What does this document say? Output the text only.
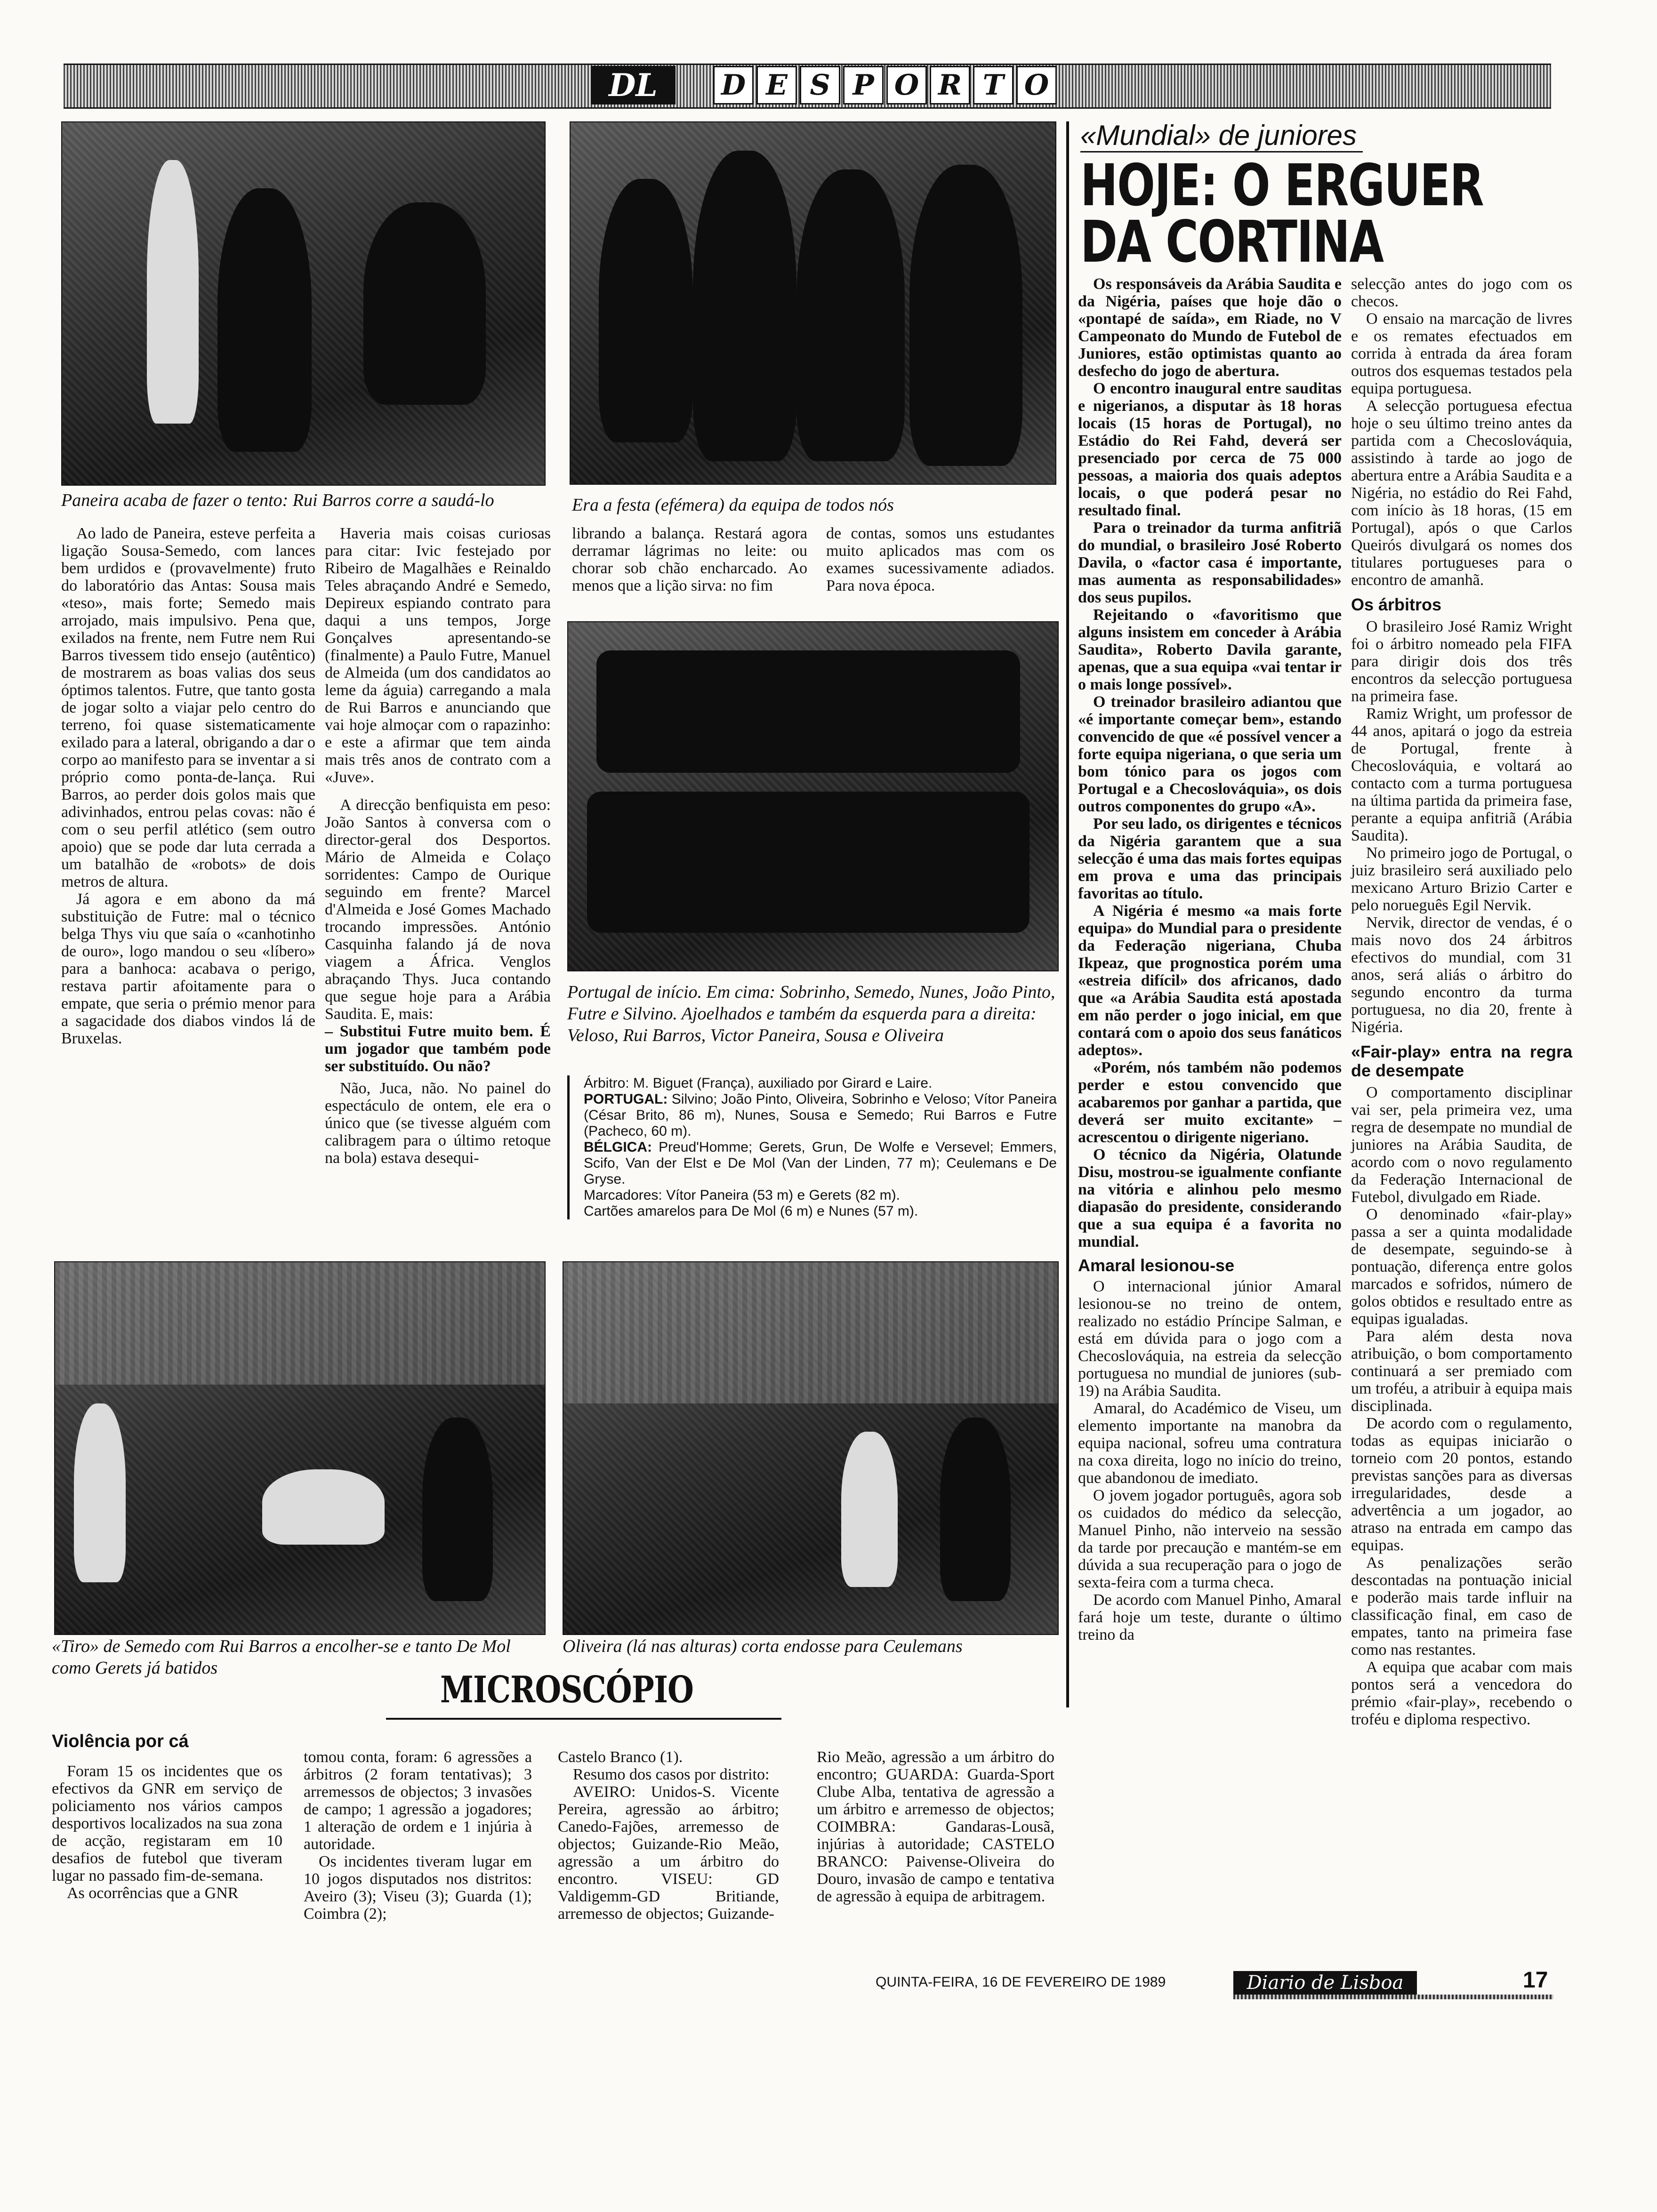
DL	D E S P O R T O
Paneira acaba de fazer o tento: Rui Barros corre a saudá-lo	Era a festa (efémera) da equipa de todos nós

Ao lado de Paneira, esteve perfeita a ligação Sousa-Semedo, com lances bem urdidos e (provavelmente) fruto do laboratório das Antas: Sousa mais «teso», mais forte; Semedo mais arrojado, mais impulsivo. Pena que, exilados na frente, nem Futre nem Rui Barros tivessem tido ensejo (autêntico) de mostrarem as boas valias dos seus óptimos talentos. Futre, que tanto gosta de jogar solto a viajar pelo centro do terreno, foi quase sistematicamente exilado para a lateral, obrigando a dar o corpo ao manifesto para se inventar a si próprio como ponta-de-lança. Rui Barros, ao perder dois golos mais que adivinhados, entrou pelas covas: não é com o seu perfil atlético (sem outro apoio) que se pode dar luta cerrada a um batalhão de «robots» de dois metros de altura.

Já agora e em abono da má substituição de Futre: mal o técnico belga Thys viu que saía o «canhotinho de ouro», logo mandou o seu «líbero» para a banhoca: acabava o perigo, restava partir afoitamente para o empate, que seria o prémio menor para a sagacidade dos diabos vindos lá de Bruxelas.

Haveria mais coisas curiosas para citar: Ivic festejado por Ribeiro de Magalhães e Reinaldo Teles abraçando André e Semedo, Depireux espiando contrato para daqui a uns tempos, Jorge Gonçalves apresentando-se (finalmente) a Paulo Futre, Manuel de Almeida (um dos candidatos ao leme da águia) carregando a mala de Rui Barros e anunciando que vai hoje almoçar com o rapazinho: e este a afirmar que tem ainda mais três anos de contrato com a «Juve».

A direcção benfiquista em peso: João Santos à conversa com o director-geral dos Desportos. Mário de Almeida e Colaço sorridentes: Campo de Ourique seguindo em frente? Marcel d'Almeida e José Gomes Machado trocando impressões. António Casquinha falando já de nova viagem a África. Venglos abraçando Thys. Juca contando que segue hoje para a Arábia Saudita. E, mais:

– Substitui Futre muito bem. É um jogador que também pode ser substituído. Ou não?

Não, Juca, não. No painel do espectáculo de ontem, ele era o único que (se tivesse alguém com calibragem para o último retoque na bola) estava desequi-

librando a balança. Restará agora derramar lágrimas no leite: ou chorar sob chão encharcado. Ao menos que a lição sirva: no fim

de contas, somos uns estudantes muito aplicados mas com os exames sucessivamente adiados. Para nova época.

Portugal de início. Em cima: Sobrinho, Semedo, Nunes, João Pinto, Futre e Silvino. Ajoelhados e também da esquerda para a direita: Veloso, Rui Barros, Victor Paneira, Sousa e Oliveira

Árbitro: M. Biguet (França), auxiliado por Girard e Laire.

PORTUGAL: Silvino; João Pinto, Oliveira, Sobrinho e Veloso; Vítor Paneira (César Brito, 86 m), Nunes, Sousa e Semedo; Rui Barros e Futre (Pacheco, 60 m).

BÉLGICA: Preud'Homme; Gerets, Grun, De Wolfe e Versevel; Emmers, Scifo, Van der Elst e De Mol (Van der Linden, 77 m); Ceulemans e De Gryse.

Marcadores: Vítor Paneira (53 m) e Gerets (82 m).

Cartões amarelos para De Mol (6 m) e Nunes (57 m).

«Tiro» de Semedo com Rui Barros a encolher-se e tanto De Mol como Gerets já batidos
Oliveira (lá nas alturas) corta endosse para Ceulemans
«Mundial» de juniores
HOJE: O ERGUER
DA CORTINA

Os responsáveis da Arábia Saudita e da Nigéria, países que hoje dão o «pontapé de saída», em Riade, no V Campeonato do Mundo de Futebol de Juniores, estão optimistas quanto ao desfecho do jogo de abertura.

O encontro inaugural entre sauditas e nigerianos, a disputar às 18 horas locais (15 horas de Portugal), no Estádio do Rei Fahd, deverá ser presenciado por cerca de 75 000 pessoas, a maioria dos quais adeptos locais, o que poderá pesar no resultado final.

Para o treinador da turma anfitriã do mundial, o brasileiro José Roberto Davila, o «factor casa é importante, mas aumenta as responsabilidades» dos seus pupilos.

Rejeitando o «favoritismo que alguns insistem em conceder à Arábia Saudita», Roberto Davila garante, apenas, que a sua equipa «vai tentar ir o mais longe possível».

O treinador brasileiro adiantou que «é importante começar bem», estando convencido de que «é possível vencer a forte equipa nigeriana, o que seria um bom tónico para os jogos com Portugal e a Checoslováquia», os dois outros componentes do grupo «A».

Por seu lado, os dirigentes e técnicos da Nigéria garantem que a sua selecção é uma das mais fortes equipas em prova e uma das principais favoritas ao título.

A Nigéria é mesmo «a mais forte equipa» do Mundial para o presidente da Federação nigeriana, Chuba Ikpeaz, que prognostica porém uma «estreia difícil» dos africanos, dado que «a Arábia Saudita está apostada em não perder o jogo inicial, em que contará com o apoio dos seus fanáticos adeptos».

«Porém, nós também não podemos perder e estou convencido que acabaremos por ganhar a partida, que deverá ser muito excitante» – acrescentou o dirigente nigeriano.

O técnico da Nigéria, Olatunde Disu, mostrou-se igualmente confiante na vitória e alinhou pelo mesmo diapasão do presidente, considerando que a sua equipa é a favorita no mundial.

Amaral lesionou-se

O internacional júnior Amaral lesionou-se no treino de ontem, realizado no estádio Príncipe Salman, e está em dúvida para o jogo com a Checoslováquia, na estreia da selecção portuguesa no mundial de juniores (sub-19) na Arábia Saudita.

Amaral, do Académico de Viseu, um elemento importante na manobra da equipa nacional, sofreu uma contratura na coxa direita, logo no início do treino, que abandonou de imediato.

O jovem jogador português, agora sob os cuidados do médico da selecção, Manuel Pinho, não interveio na sessão da tarde por precaução e mantém-se em dúvida a sua recuperação para o jogo de sexta-feira com a turma checa.

De acordo com Manuel Pinho, Amaral fará hoje um teste, durante o último treino da

selecção antes do jogo com os checos.

O ensaio na marcação de livres e os remates efectuados em corrida à entrada da área foram outros dos esquemas testados pela equipa portuguesa.

A selecção portuguesa efectua hoje o seu último treino antes da partida com a Checoslováquia, assistindo à tarde ao jogo de abertura entre a Arábia Saudita e a Nigéria, no estádio do Rei Fahd, com início às 18 horas, (15 em Portugal), após o que Carlos Queirós divulgará os nomes dos titulares portugueses para o encontro de amanhã.

Os árbitros

O brasileiro José Ramiz Wright foi o árbitro nomeado pela FIFA para dirigir dois dos três encontros da selecção portuguesa na primeira fase.

Ramiz Wright, um professor de 44 anos, apitará o jogo da estreia de Portugal, frente à Checoslováquia, e voltará ao contacto com a turma portuguesa na última partida da primeira fase, perante a equipa anfitriã (Arábia Saudita).

No primeiro jogo de Portugal, o juiz brasileiro será auxiliado pelo mexicano Arturo Brizio Carter e pelo norueguês Egil Nervik.

Nervik, director de vendas, é o mais novo dos 24 árbitros efectivos do mundial, com 31 anos, será aliás o árbitro do segundo encontro da turma portuguesa, no dia 20, frente à Nigéria.

«Fair-play» entra na regra de desempate

O comportamento disciplinar vai ser, pela primeira vez, uma regra de desempate no mundial de juniores na Arábia Saudita, de acordo com o novo regulamento da Federação Internacional de Futebol, divulgado em Riade.

O denominado «fair-play» passa a ser a quinta modalidade de desempate, seguindo-se à pontuação, diferença entre golos marcados e sofridos, número de golos obtidos e resultado entre as equipas igualadas.

Para além desta nova atribuição, o bom comportamento continuará a ser premiado com um troféu, a atribuir à equipa mais disciplinada.

De acordo com o regulamento, todas as equipas iniciarão o torneio com 20 pontos, estando previstas sanções para as diversas irregularidades, desde a advertência a um jogador, ao atraso na entrada em campo das equipas.

As penalizações serão descontadas na pontuação inicial e poderão mais tarde influir na classificação final, em caso de empates, tanto na primeira fase como nas restantes.

A equipa que acabar com mais pontos será a vencedora do prémio «fair-play», recebendo o troféu e diploma respectivo.

MICROSCÓPIO
Violência por cá

Foram 15 os incidentes que os efectivos da GNR em serviço de policiamento nos vários campos desportivos localizados na sua zona de acção, registaram em 10 desafios de futebol que tiveram lugar no passado fim-de-semana.

As ocorrências que a GNR

tomou conta, foram: 6 agressões a árbitros (2 foram tentativas); 3 arremessos de objectos; 3 invasões de campo; 1 agressão a jogadores; 1 alteração de ordem e 1 injúria à autoridade.

Os incidentes tiveram lugar em 10 jogos disputados nos distritos: Aveiro (3); Viseu (3); Guarda (1); Coimbra (2);

Castelo Branco (1).

Resumo dos casos por distrito:

AVEIRO: Unidos-S. Vicente Pereira, agressão ao árbitro; Canedo-Fajões, arremesso de objectos; Guizande-Rio Meão, agressão a um árbitro do encontro. VISEU: GD Valdigemm-GD Britiande, arremesso de objectos; Guizande-

Rio Meão, agressão a um árbitro do encontro; GUARDA: Guarda-Sport Clube Alba, tentativa de agressão a um árbitro e arremesso de objectos; COIMBRA: Gandaras-Lousã, injúrias à autoridade; CASTELO BRANCO: Paivense-Oliveira do Douro, invasão de campo e tentativa de agressão à equipa de arbitragem.

QUINTA-FEIRA, 16 DE FEVEREIRO DE 1989	Diario de Lisboa	17
